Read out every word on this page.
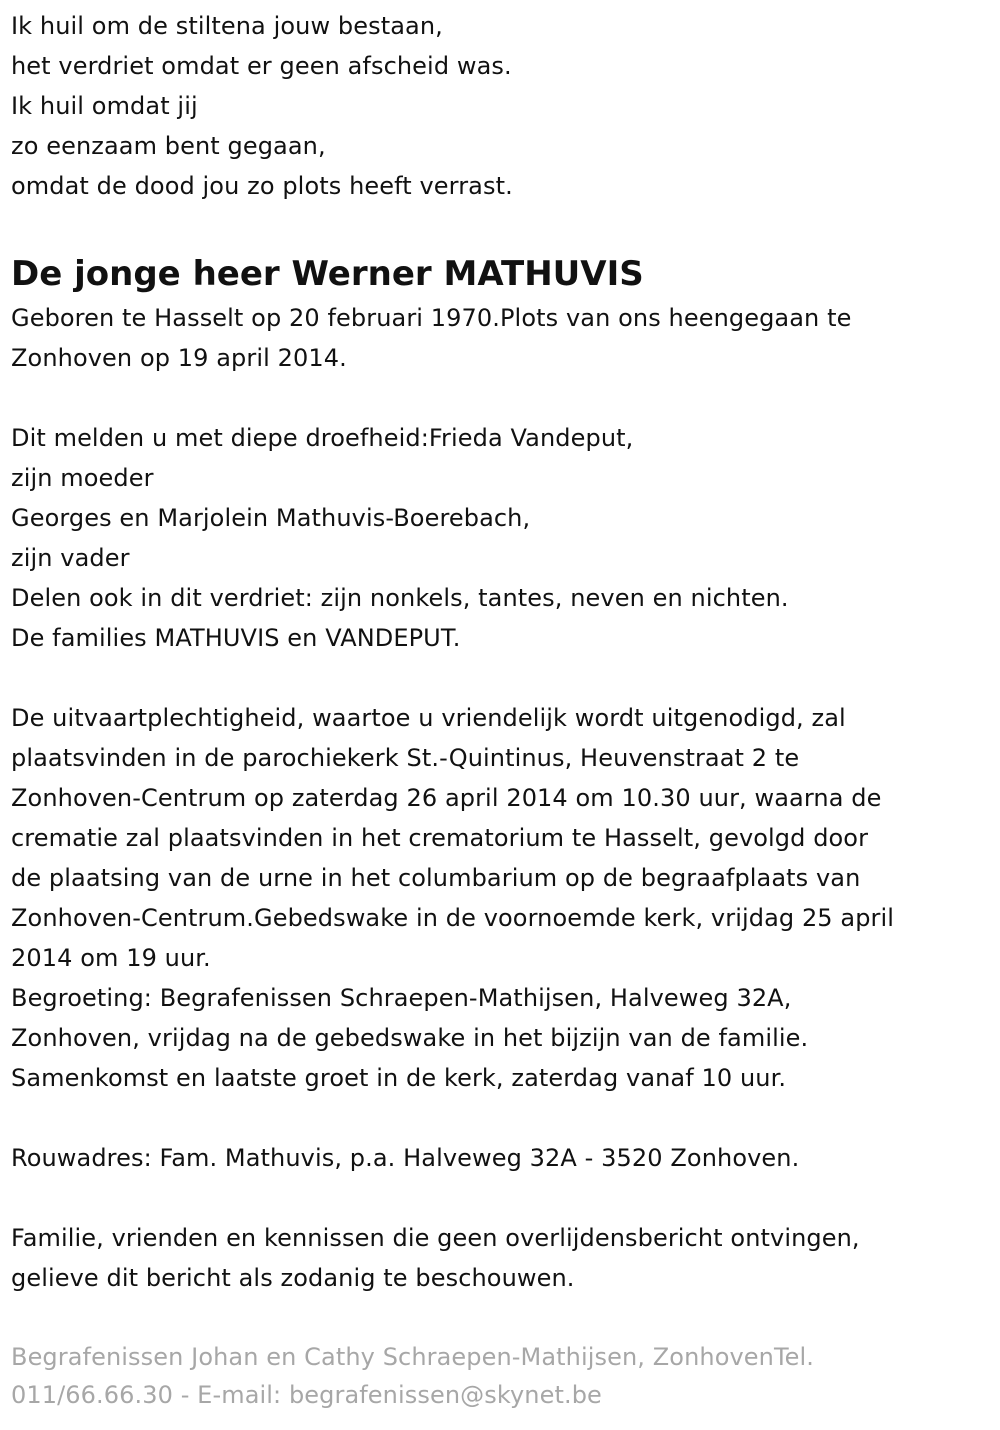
Ik huil om de stiltena jouw bestaan,
het verdriet omdat er geen afscheid was.
Ik huil omdat jij
zo eenzaam bent gegaan,
omdat de dood jou zo plots heeft verrast.
De jonge heer Werner MATHUVIS
Geboren te Hasselt op 20 februari 1970.Plots van ons heengegaan te
Zonhoven op 19 april 2014.
Dit melden u met diepe droefheid:Frieda Vandeput,
zijn moeder
Georges en Marjolein Mathuvis-Boerebach,
zijn vader
Delen ook in dit verdriet: zijn nonkels, tantes, neven en nichten.
De families MATHUVIS en VANDEPUT.
De uitvaartplechtigheid, waartoe u vriendelijk wordt uitgenodigd, zal
plaatsvinden in de parochiekerk St.-Quintinus, Heuvenstraat 2 te
Zonhoven-Centrum op zaterdag 26 april 2014 om 10.30 uur, waarna de
crematie zal plaatsvinden in het crematorium te Hasselt, gevolgd door
de plaatsing van de urne in het columbarium op de begraafplaats van
Zonhoven-Centrum.Gebedswake in de voornoemde kerk, vrijdag 25 april
2014 om 19 uur.
Begroeting: Begrafenissen Schraepen-Mathijsen, Halveweg 32A,
Zonhoven, vrijdag na de gebedswake in het bijzijn van de familie.
Samenkomst en laatste groet in de kerk, zaterdag vanaf 10 uur.
Rouwadres: Fam. Mathuvis, p.a. Halveweg 32A - 3520 Zonhoven.
Familie, vrienden en kennissen die geen overlijdensbericht ontvingen,
gelieve dit bericht als zodanig te beschouwen.
Begrafenissen Johan en Cathy Schraepen-Mathijsen, ZonhovenTel.
011/66.66.30 - E-mail: begrafenissen@skynet.be
